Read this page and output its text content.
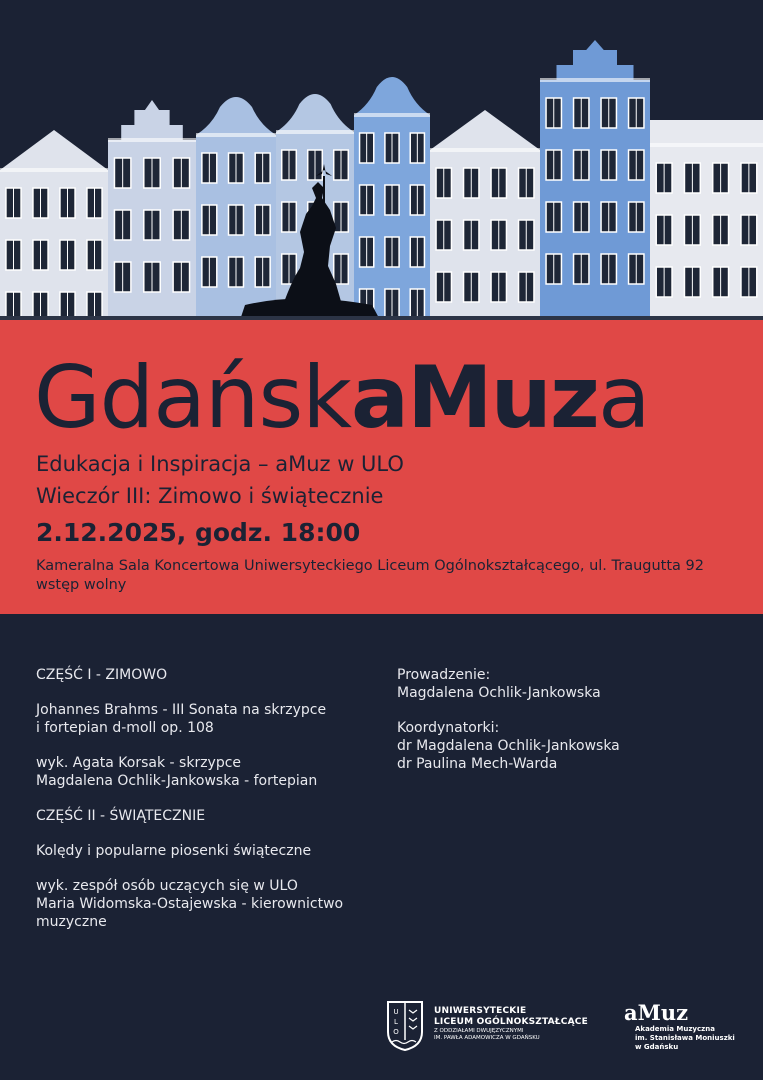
GdańskaMuza
Edukacja i Inspiracja – aMuz w ULO
Wieczór III: Zimowo i świątecznie
2.12.2025, godz. 18:00
Kameralna Sala Koncertowa Uniwersyteckiego Liceum Ogólnokształcącego, ul. Traugutta 92
wstęp wolny
CZĘŚĆ I - ZIMOWO
Johannes Brahms - III Sonata na skrzypce
i fortepian d-moll op. 108
wyk. Agata Korsak - skrzypce
Magdalena Ochlik-Jankowska - fortepian
CZĘŚĆ II - ŚWIĄTECZNIE
Kolędy i popularne piosenki świąteczne
wyk. zespół osób uczących się w ULO
Maria Widomska-Ostajewska - kierownictwo
muzyczne
Prowadzenie:
Magdalena Ochlik-Jankowska
Koordynatorki:
dr Magdalena Ochlik-Jankowska
dr Paulina Mech-Warda
U
L
O
UNIWERSYTECKIE
LICEUM OGÓLNOKSZTAŁCĄCE
Z ODDZIAŁAMI DWUJĘZYCZNYMI
IM. PAWŁA ADAMOWICZA W GDAŃSKU
aMuz
Akademia Muzyczna
im. Stanisława Moniuszki
w Gdańsku
